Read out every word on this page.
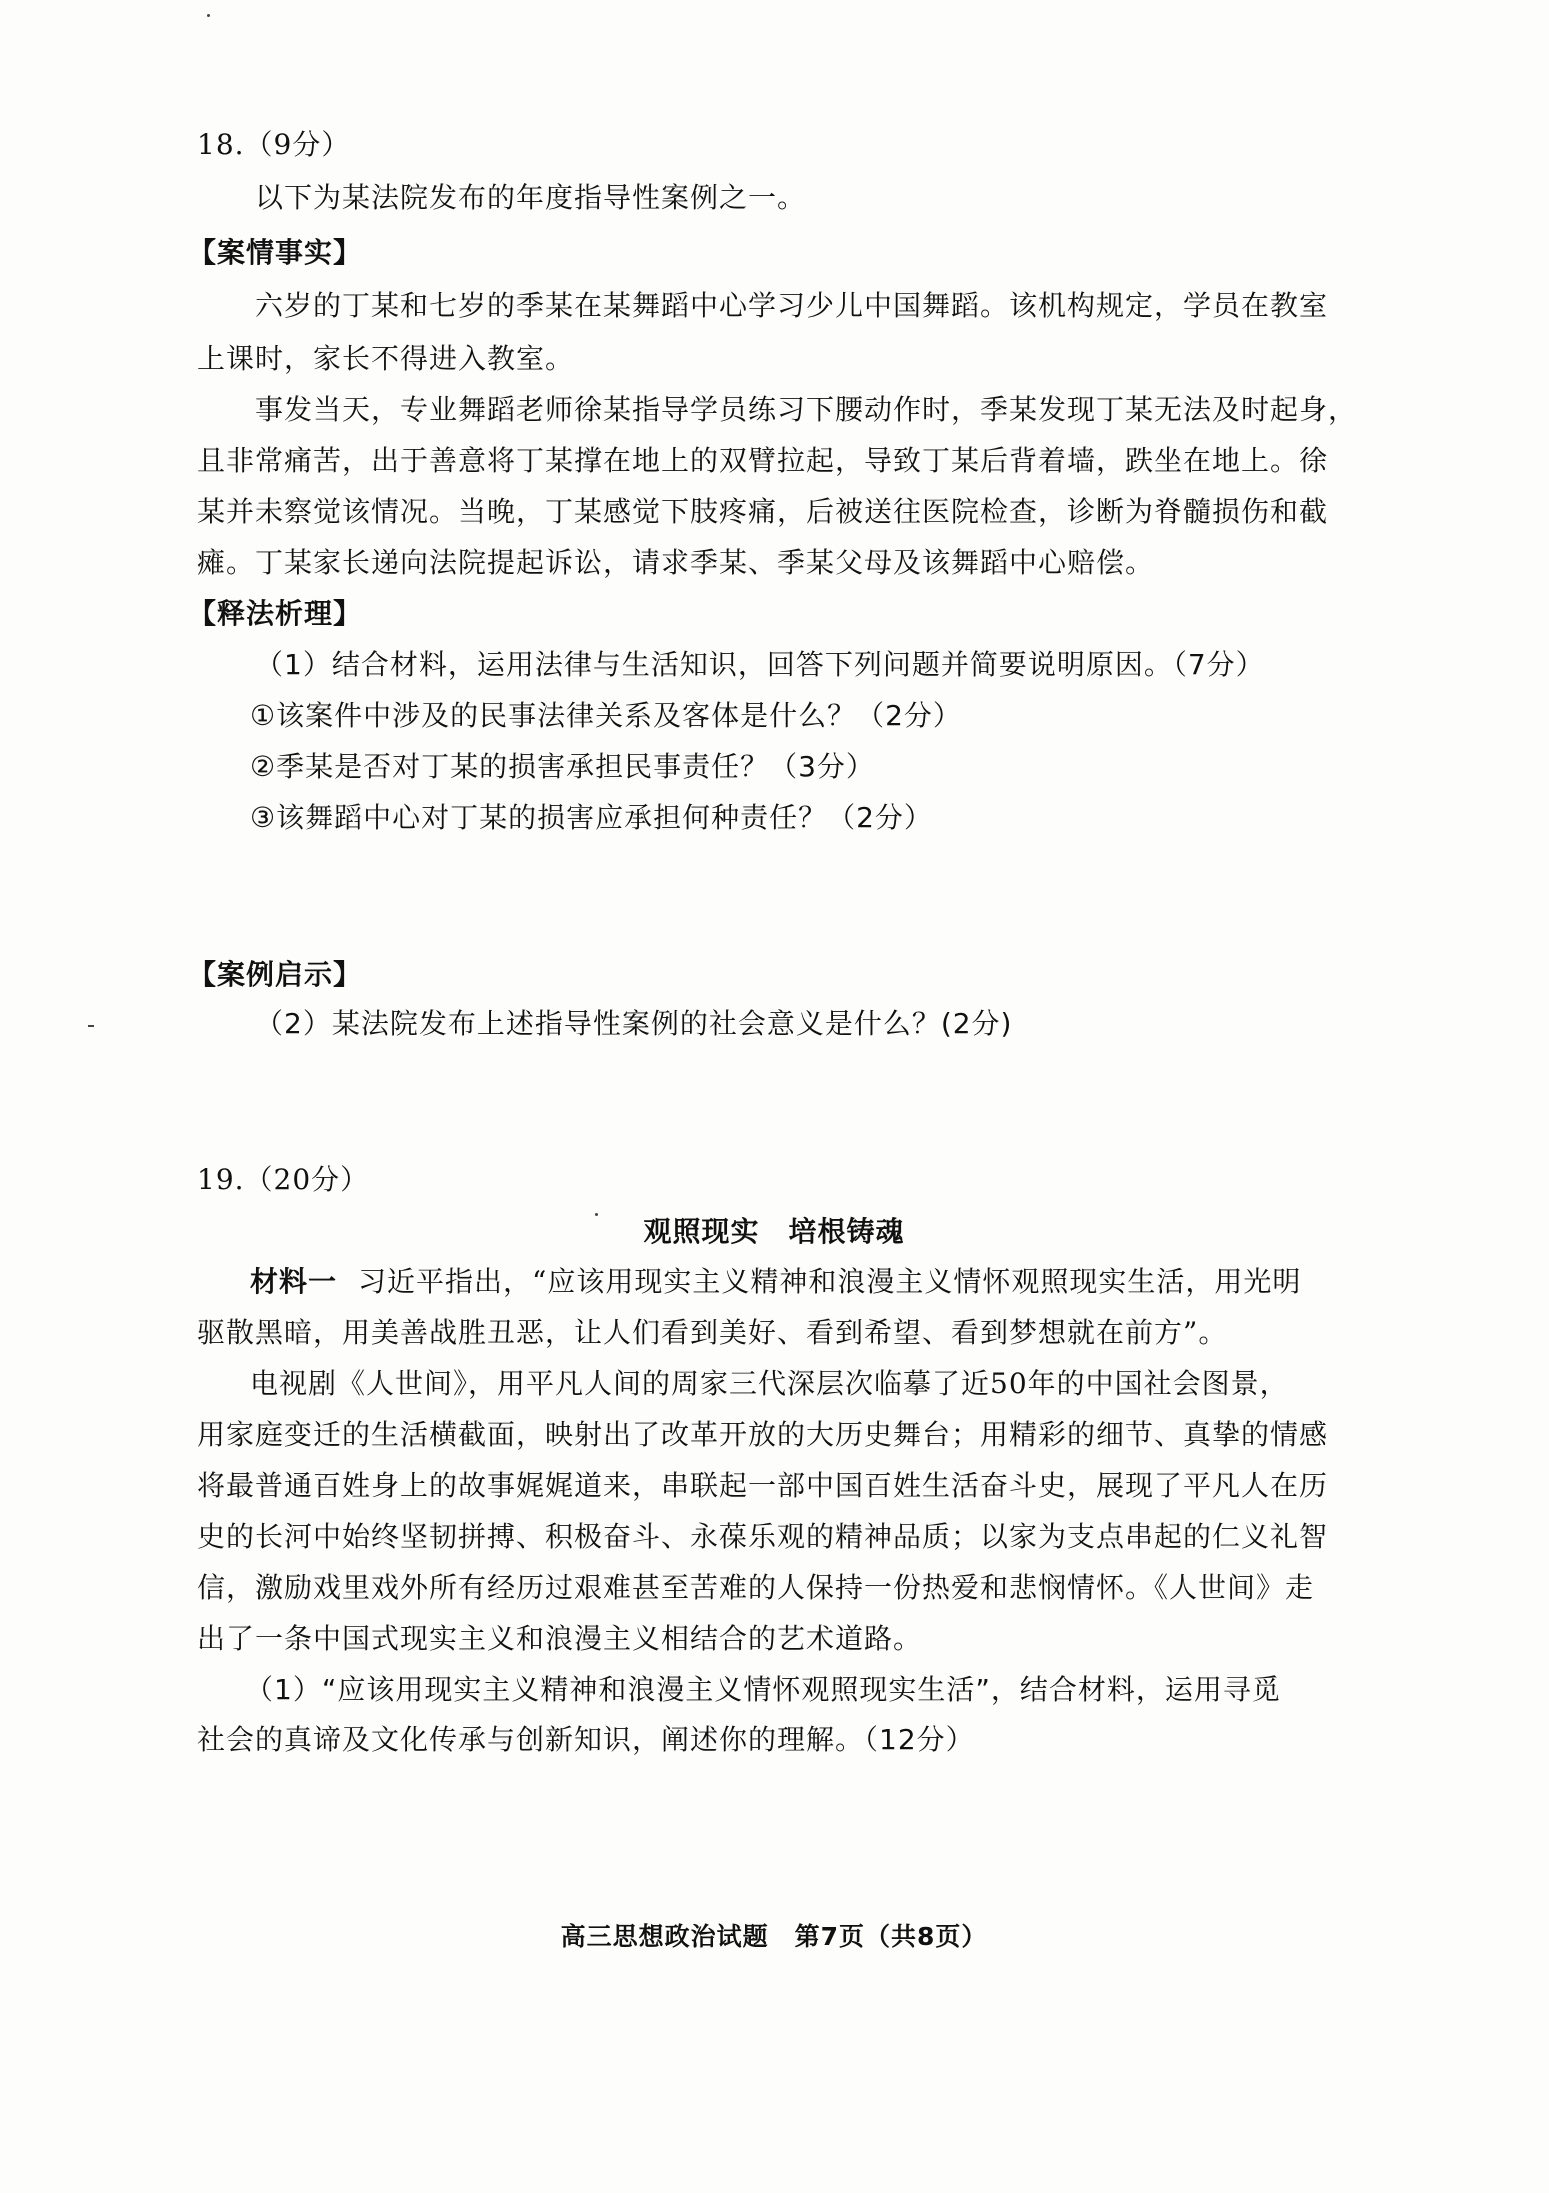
18.（9分）
以下为某法院发布的年度指导性案例之一。
【案情事实】
六岁的丁某和七岁的季某在某舞蹈中心学习少儿中国舞蹈。该机构规定，学员在教室
上课时，家长不得进入教室。
事发当天，专业舞蹈老师徐某指导学员练习下腰动作时，季某发现丁某无法及时起身，
且非常痛苦，出于善意将丁某撑在地上的双臂拉起，导致丁某后背着墙，跌坐在地上。徐
某并未察觉该情况。当晚，丁某感觉下肢疼痛，后被送往医院检查，诊断为脊髓损伤和截
瘫。丁某家长递向法院提起诉讼，请求季某、季某父母及该舞蹈中心赔偿。
【释法析理】
（1）结合材料，运用法律与生活知识，回答下列问题并简要说明原因。（7分）
①该案件中涉及的民事法律关系及客体是什么？（2分）
②季某是否对丁某的损害承担民事责任？（3分）
③该舞蹈中心对丁某的损害应承担何种责任？（2分）
【案例启示】
（2）某法院发布上述指导性案例的社会意义是什么？(2分)
19.（20分）
观照现实　培根铸魂
材料一 习近平指出，“应该用现实主义精神和浪漫主义情怀观照现实生活，用光明
驱散黑暗，用美善战胜丑恶，让人们看到美好、看到希望、看到梦想就在前方”。
电视剧《人世间》，用平凡人间的周家三代深层次临摹了近50年的中国社会图景，
用家庭变迁的生活横截面，映射出了改革开放的大历史舞台；用精彩的细节、真挚的情感
将最普通百姓身上的故事娓娓道来，串联起一部中国百姓生活奋斗史，展现了平凡人在历
史的长河中始终坚韧拼搏、积极奋斗、永葆乐观的精神品质；以家为支点串起的仁义礼智
信，激励戏里戏外所有经历过艰难甚至苦难的人保持一份热爱和悲悯情怀。《人世间》走
出了一条中国式现实主义和浪漫主义相结合的艺术道路。
（1）“应该用现实主义精神和浪漫主义情怀观照现实生活”，结合材料，运用寻觅
社会的真谛及文化传承与创新知识，阐述你的理解。（12分）
高三思想政治试题　第7页（共8页）
